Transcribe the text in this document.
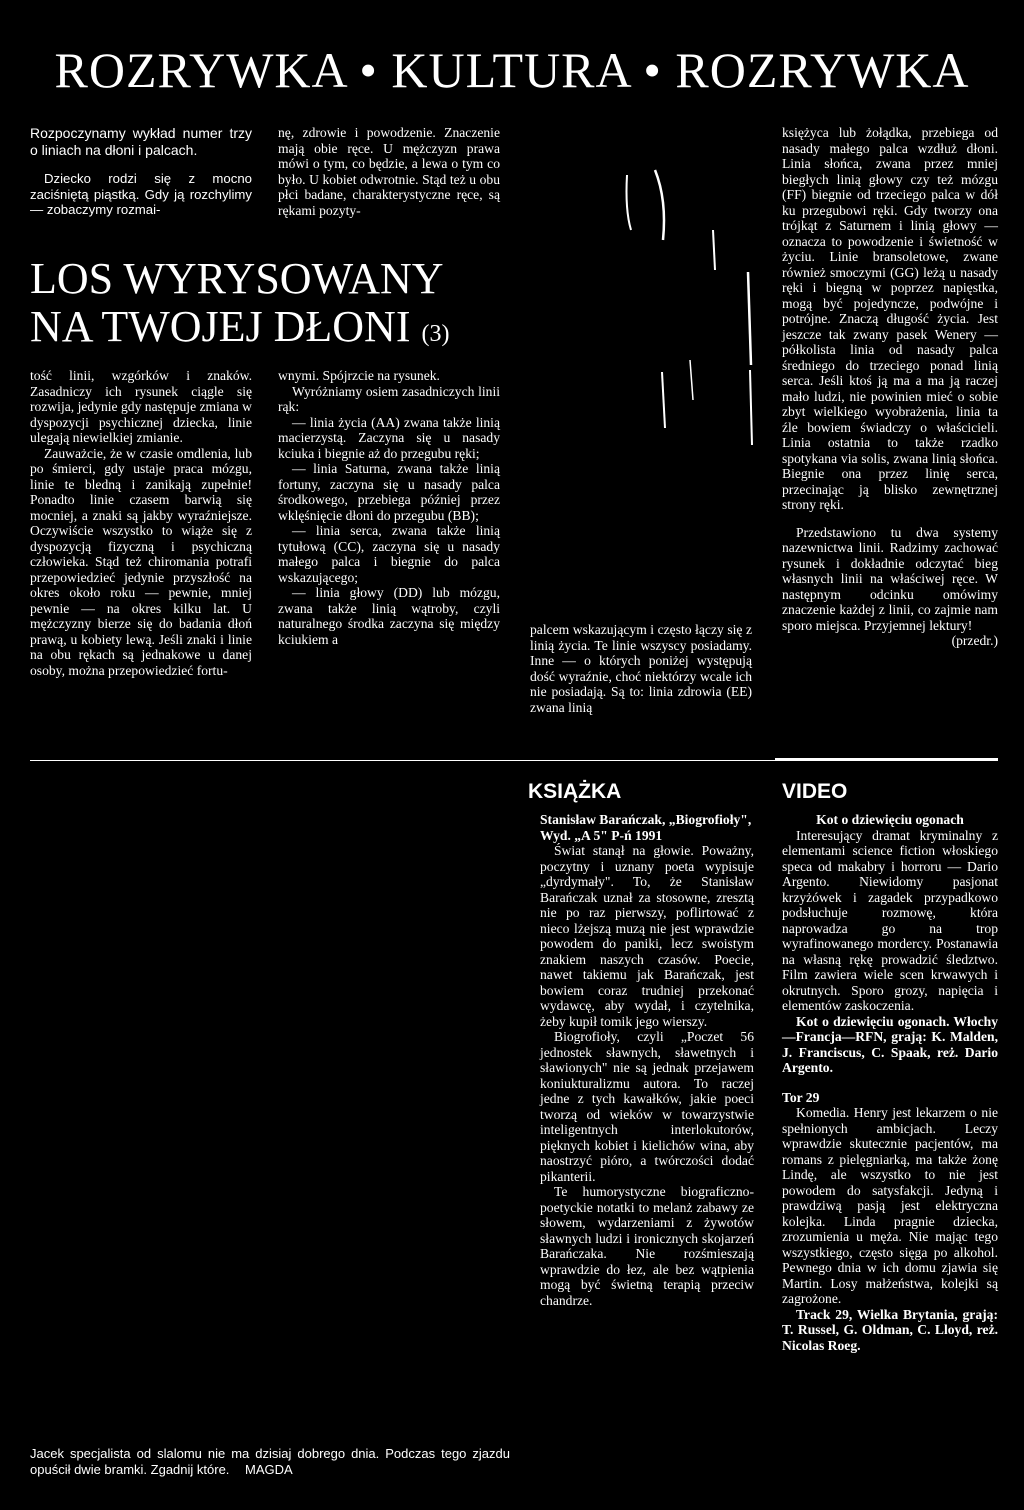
ROZRYWKA • KULTURA • ROZRYWKA

Rozpoczynamy wykład numer trzy o liniach na dłoni i palcach.

Dziecko rodzi się z mocno zaciśniętą piąstką. Gdy ją rozchylimy — zobaczymy rozmai-

nę, zdrowie i powodzenie. Znaczenie mają obie ręce. U mężczyzn prawa mówi o tym, co będzie, a lewa o tym co było. U kobiet odwrotnie. Stąd też u obu płci badane, charakterystyczne ręce, są rękami pozyty-

LOS WYRYSOWANY
NA TWOJEJ DŁONI (3)

tość linii, wzgórków i znaków. Zasadniczy ich rysunek ciągle się rozwija, jedynie gdy następuje zmiana w dyspozycji psychicznej dziecka, linie ulegają niewielkiej zmianie.

Zauważcie, że w czasie omdlenia, lub po śmierci, gdy ustaje praca mózgu, linie te bledną i zanikają zupełnie! Ponadto linie czasem barwią się mocniej, a znaki są jakby wyraźniejsze. Oczywiście wszystko to wiąże się z dyspozycją fizyczną i psychiczną człowieka. Stąd też chiromania potrafi przepowiedzieć jedynie przyszłość na okres około roku — pewnie, mniej pewnie — na okres kilku lat. U mężczyzny bierze się do badania dłoń prawą, u kobiety lewą. Jeśli znaki i linie na obu rękach są jednakowe u danej osoby, można przepowiedzieć fortu-

wnymi. Spójrzcie na rysunek.

Wyróżniamy osiem zasadniczych linii rąk:

— linia życia (AA) zwana także linią macierzystą. Zaczyna się u nasady kciuka i biegnie aż do przegubu ręki;

— linia Saturna, zwana także linią fortuny, zaczyna się u nasady palca środkowego, przebiega później przez wklęśnięcie dłoni do przegubu (BB);

— linia serca, zwana także linią tytułową (CC), zaczyna się u nasady małego palca i biegnie do palca wskazującego;

— linia głowy (DD) lub mózgu, zwana także linią wątroby, czyli naturalnego środka zaczyna się między kciukiem a

palcem wskazującym i często łączy się z linią życia. Te linie wszyscy posiadamy. Inne — o których poniżej występują dość wyraźnie, choć niektórzy wcale ich nie posiadają. Są to: linia zdrowia (EE) zwana linią

księżyca lub żołądka, przebiega od nasady małego palca wzdłuż dłoni. Linia słońca, zwana przez mniej biegłych linią głowy czy też mózgu (FF) biegnie od trzeciego palca w dół ku przegubowi ręki. Gdy tworzy ona trójkąt z Saturnem i linią głowy — oznacza to powodzenie i świetność w życiu. Linie bransoletowe, zwane również smoczymi (GG) leżą u nasady ręki i biegną w poprzez napięstka, mogą być pojedyncze, podwójne i potrójne. Znaczą długość życia. Jest jeszcze tak zwany pasek Wenery — półkolista linia od nasady palca średniego do trzeciego ponad linią serca. Jeśli ktoś ją ma a ma ją raczej mało ludzi, nie powinien mieć o sobie zbyt wielkiego wyobrażenia, linia ta źle bowiem świadczy o właścicieli. Linia ostatnia to także rzadko spotykana via solis, zwana linią słońca. Biegnie ona przez linię serca, przecinając ją blisko zewnętrznej strony ręki.

Przedstawiono tu dwa systemy nazewnictwa linii. Radzimy zachować rysunek i dokładnie odczytać bieg własnych linii na właściwej ręce. W następnym odcinku omówimy znaczenie każdej z linii, co zajmie nam sporo miejsca. Przyjemnej lektury!

(przedr.)

KSIĄŻKA

Stanisław Barańczak, „Biogrofioły", Wyd. „A 5" P-ń 1991

Świat stanął na głowie. Poważny, poczytny i uznany poeta wypisuje „dyrdymały". To, że Stanisław Barańczak uznał za stosowne, zresztą nie po raz pierwszy, poflirtować z nieco lżejszą muzą nie jest wprawdzie powodem do paniki, lecz swoistym znakiem naszych czasów. Poecie, nawet takiemu jak Barańczak, jest bowiem coraz trudniej przekonać wydawcę, aby wydał, i czytelnika, żeby kupił tomik jego wierszy.

Biogrofioły, czyli „Poczet 56 jednostek sławnych, sławetnych i sławionych" nie są jednak przejawem koniukturalizmu autora. To raczej jedne z tych kawałków, jakie poeci tworzą od wieków w towarzystwie inteligentnych interlokutorów, pięknych kobiet i kielichów wina, aby naostrzyć pióro, a twórczości dodać pikanterii.

Te humorystyczne biograficzno- poetyckie notatki to melanż zabawy ze słowem, wydarzeniami z żywotów sławnych ludzi i ironicznych skojarzeń Barańczaka. Nie rozśmieszają wprawdzie do łez, ale bez wątpienia mogą być świetną terapią przeciw chandrze.

VIDEO

Kot o dziewięciu ogonach

Interesujący dramat kryminalny z elementami science fiction włoskiego speca od makabry i horroru — Dario Argento. Niewidomy pasjonat krzyżówek i zagadek przypadkowo podsłuchuje rozmowę, która naprowadza go na trop wyrafinowanego mordercy. Postanawia na własną rękę prowadzić śledztwo. Film zawiera wiele scen krwawych i okrutnych. Sporo grozy, napięcia i elementów zaskoczenia.

Kot o dziewięciu ogonach. Włochy—Francja—RFN, grają: K. Malden, J. Franciscus, C. Spaak, reż. Dario Argento.

Tor 29

Komedia. Henry jest lekarzem o nie spełnionych ambicjach. Leczy wprawdzie skutecznie pacjentów, ma romans z pielęgniarką, ma także żonę Lindę, ale wszystko to nie jest powodem do satysfakcji. Jedyną i prawdziwą pasją jest elektryczna kolejka. Linda pragnie dziecka, zrozumienia u męża. Nie mając tego wszystkiego, często sięga po alkohol. Pewnego dnia w ich domu zjawia się Martin. Losy małżeństwa, kolejki są zagrożone.

Track 29, Wielka Brytania, grają: T. Russel, G. Oldman, C. Lloyd, reż. Nicolas Roeg.

Jacek specjalista od slalomu nie ma dzisiaj dobrego dnia. Podczas tego zjazdu opuścił dwie bramki. Zgadnij które. MAGDA
